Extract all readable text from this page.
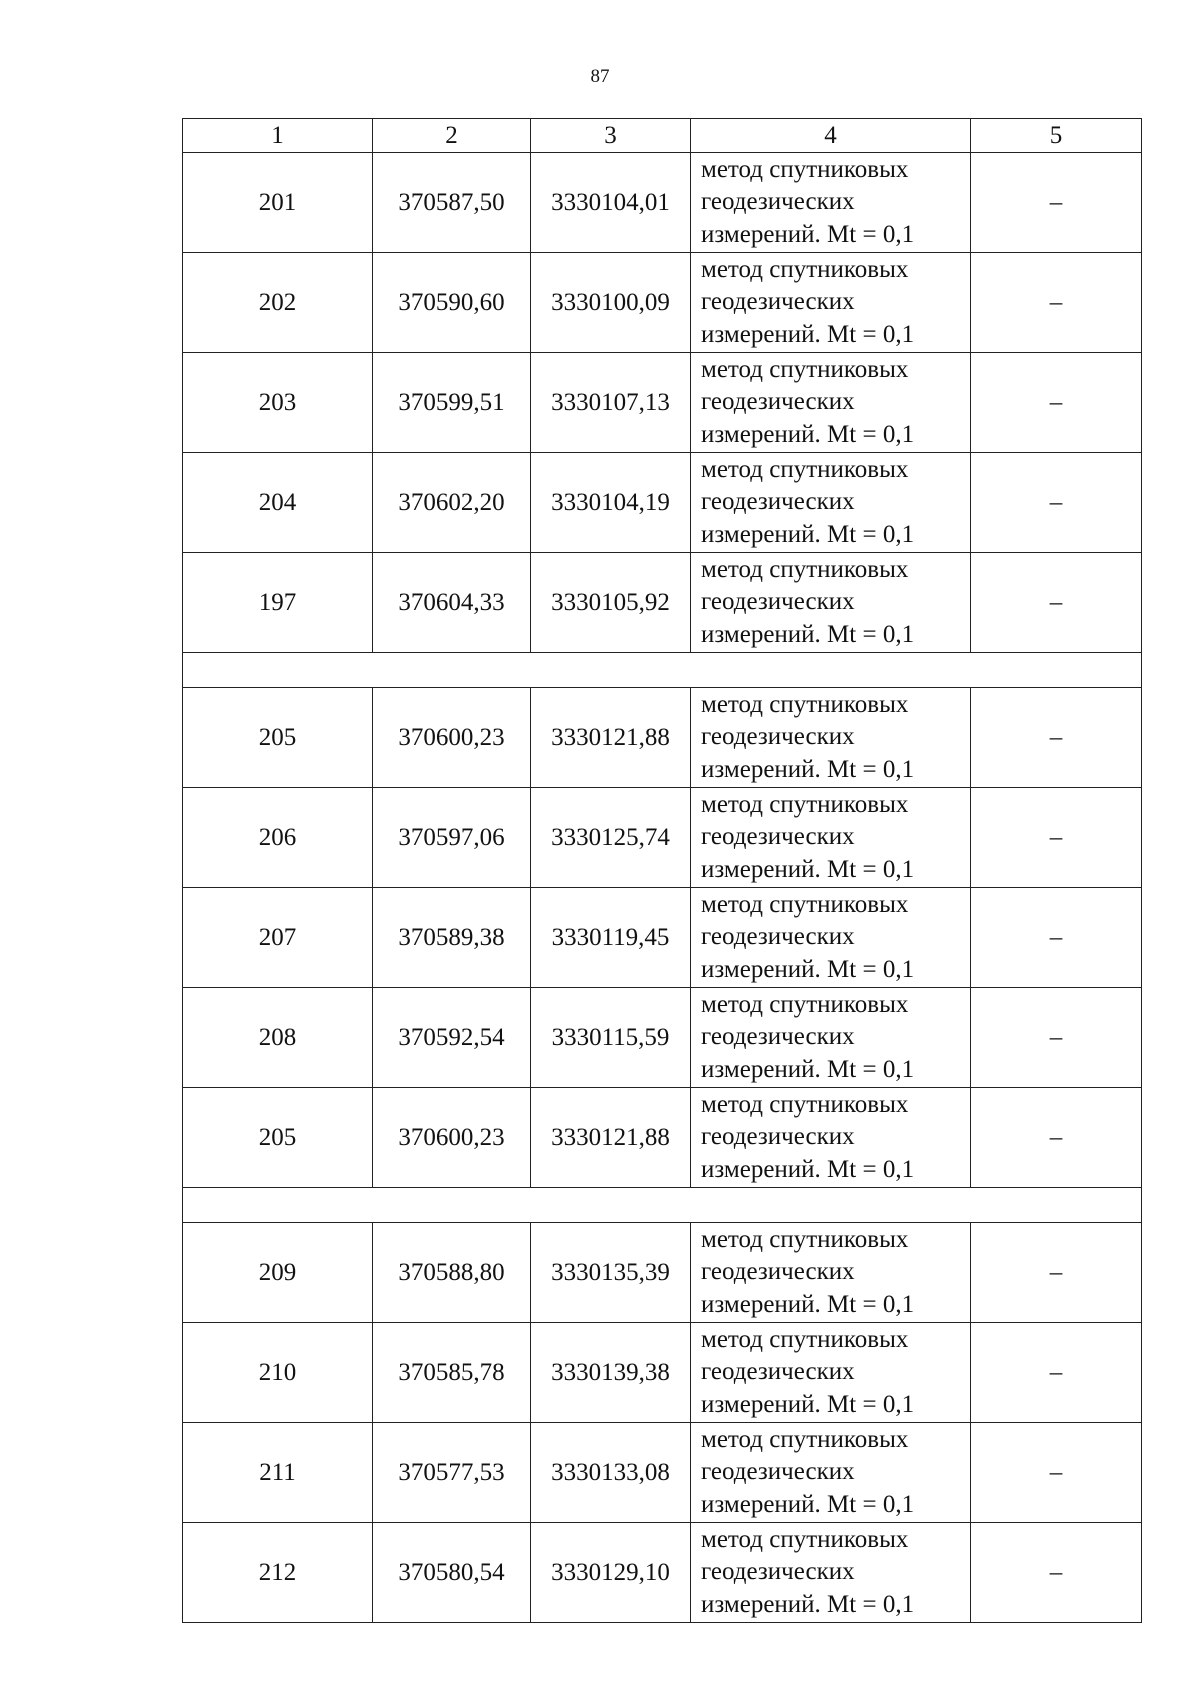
87
1	2	3	4	5
201	370587,50	3330104,01	метод спутниковых
геодезических
измерений. Mt = 0,1	–
202	370590,60	3330100,09	метод спутниковых
геодезических
измерений. Mt = 0,1	–
203	370599,51	3330107,13	метод спутниковых
геодезических
измерений. Mt = 0,1	–
204	370602,20	3330104,19	метод спутниковых
геодезических
измерений. Mt = 0,1	–
197	370604,33	3330105,92	метод спутниковых
геодезических
измерений. Mt = 0,1	–

205	370600,23	3330121,88	метод спутниковых
геодезических
измерений. Mt = 0,1	–
206	370597,06	3330125,74	метод спутниковых
геодезических
измерений. Mt = 0,1	–
207	370589,38	3330119,45	метод спутниковых
геодезических
измерений. Mt = 0,1	–
208	370592,54	3330115,59	метод спутниковых
геодезических
измерений. Mt = 0,1	–
205	370600,23	3330121,88	метод спутниковых
геодезических
измерений. Mt = 0,1	–

209	370588,80	3330135,39	метод спутниковых
геодезических
измерений. Mt = 0,1	–
210	370585,78	3330139,38	метод спутниковых
геодезических
измерений. Mt = 0,1	–
211	370577,53	3330133,08	метод спутниковых
геодезических
измерений. Mt = 0,1	–
212	370580,54	3330129,10	метод спутниковых
геодезических
измерений. Mt = 0,1	–
